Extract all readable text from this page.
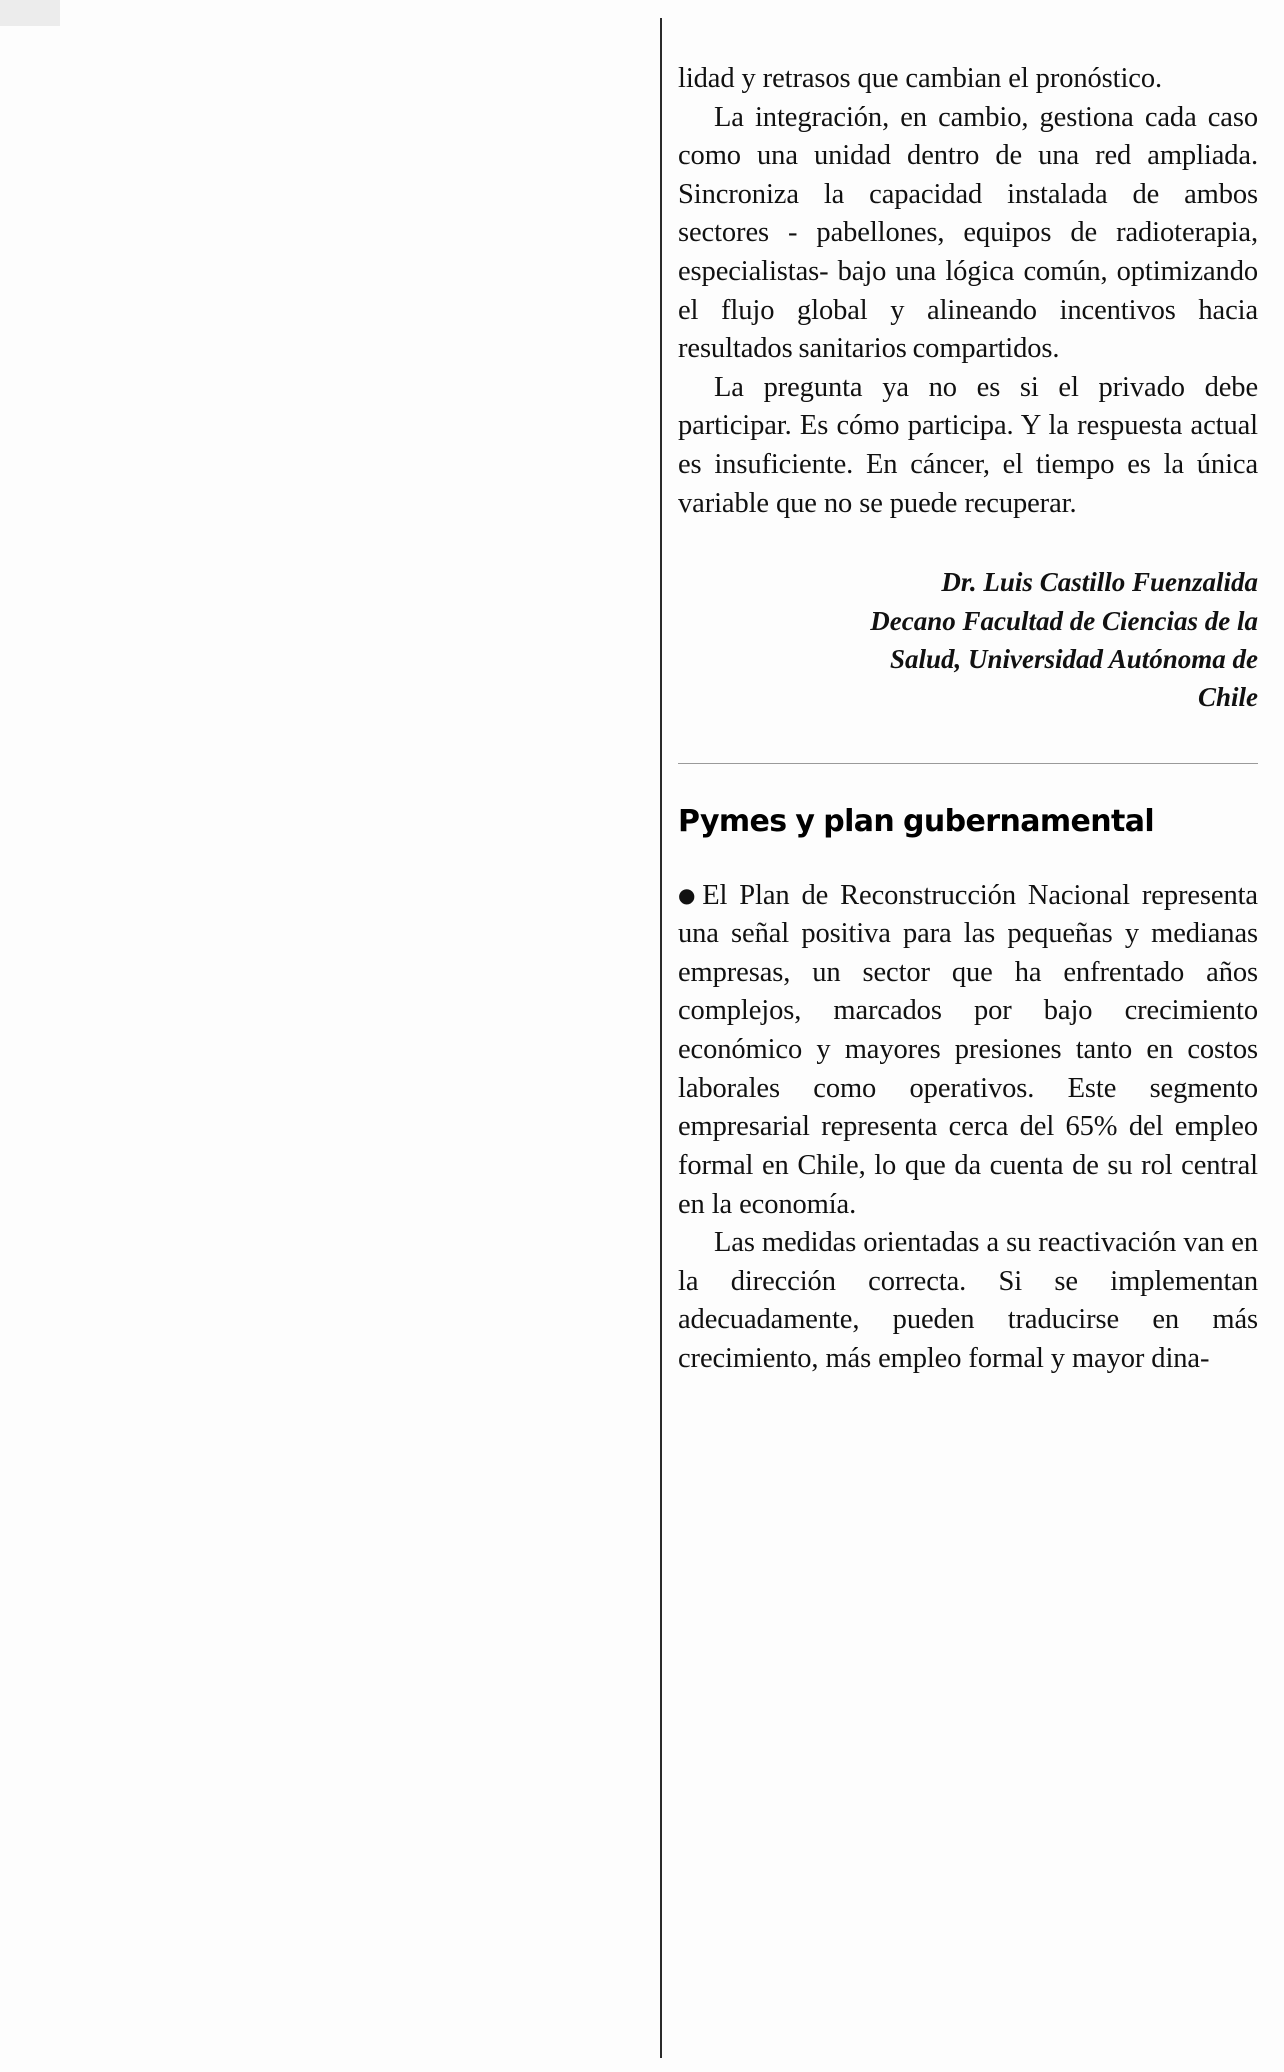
lidad y retrasos que cambian el pronóstico.

La integración, en cambio, gestiona cada caso como una unidad dentro de una red ampliada. Sincroniza la capacidad instalada de ambos sectores - pabellones, equipos de radioterapia, especialistas- bajo una lógica común, optimizando el flujo global y alineando incentivos hacia resultados sanitarios compartidos.

La pregunta ya no es si el privado debe participar. Es cómo participa. Y la respuesta actual es insuficiente. En cáncer, el tiempo es la única variable que no se puede recuperar.

Dr. Luis Castillo Fuenzalida
Decano Facultad de Ciencias de la
Salud, Universidad Autónoma de
Chile
Pymes y plan gubernamental

●El Plan de Reconstrucción Nacional representa una señal positiva para las pequeñas y medianas empresas, un sector que ha enfrentado años complejos, marcados por bajo crecimiento económico y mayores presiones tanto en costos laborales como operativos. Este segmento empresarial representa cerca del 65% del empleo formal en Chile, lo que da cuenta de su rol central en la economía.

Las medidas orientadas a su reactivación van en la dirección correcta. Si se implementan adecuadamente, pueden traducirse en más crecimiento, más empleo formal y mayor dina-
